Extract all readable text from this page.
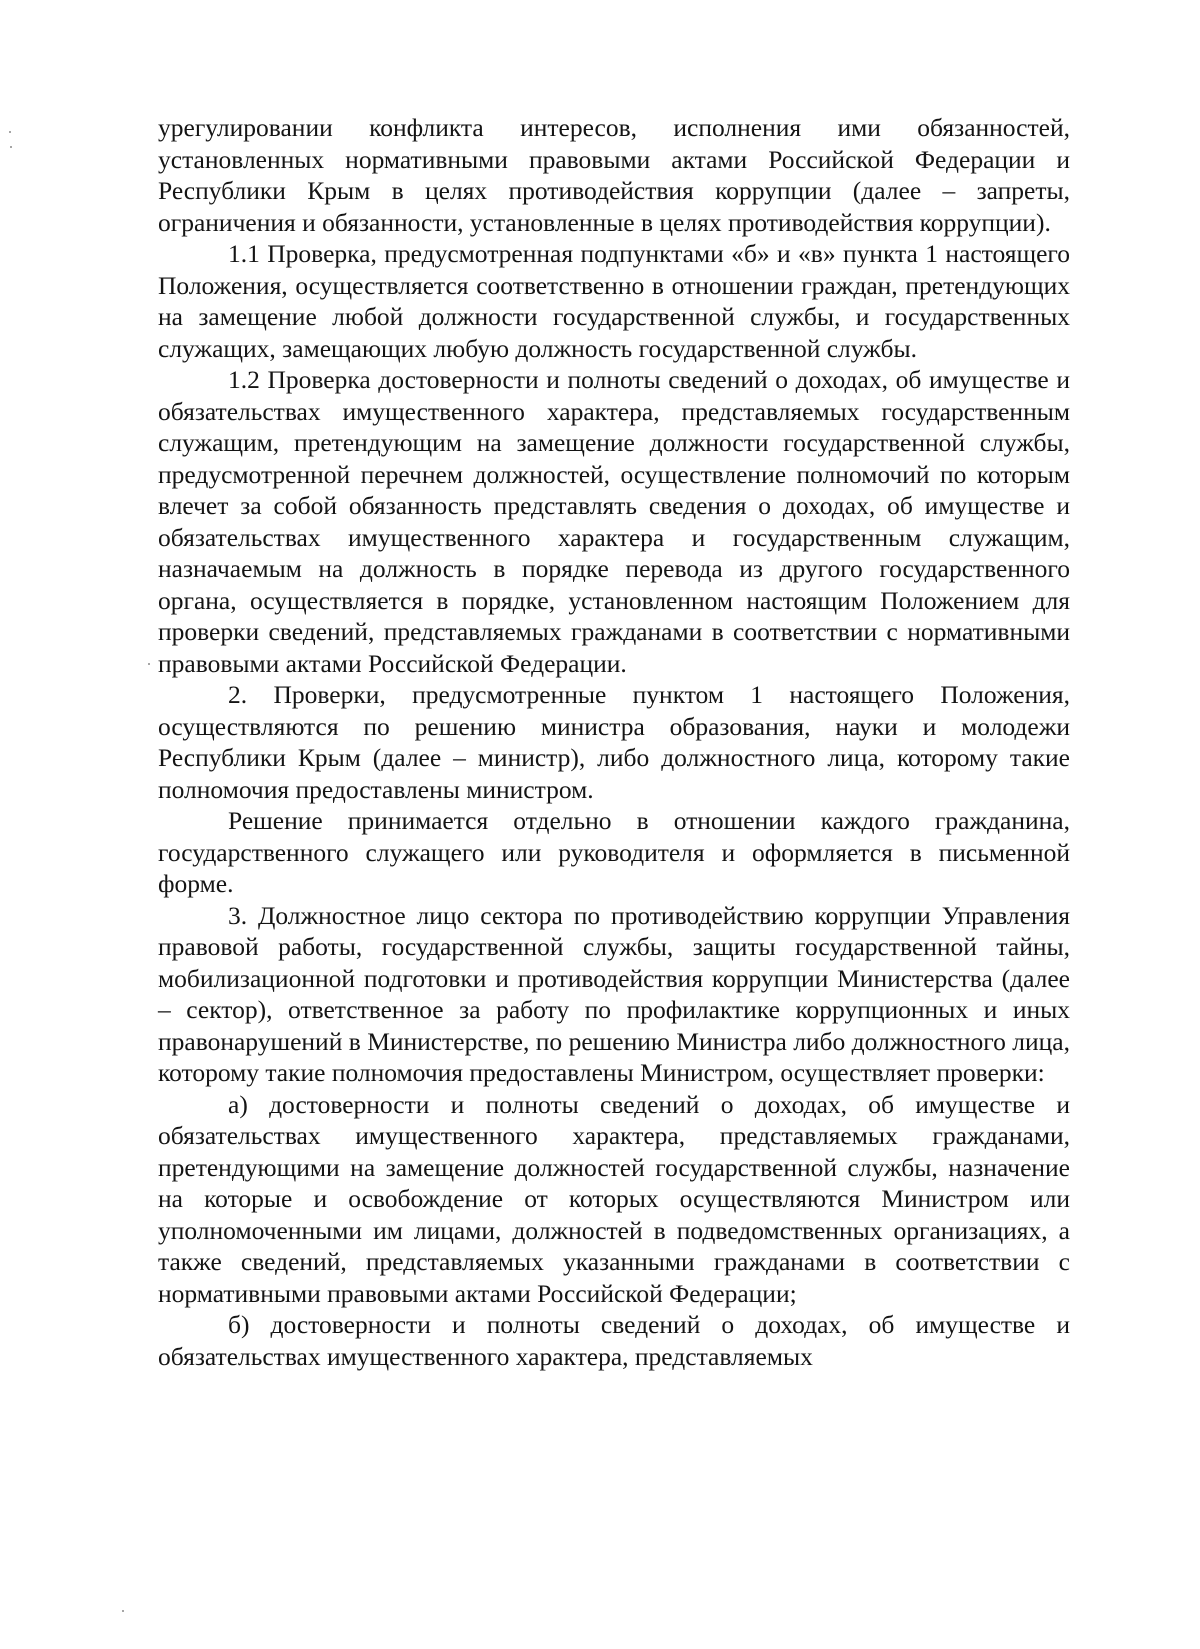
урегулировании конфликта интересов, исполнения ими обязанностей, установленных нормативными правовыми актами Российской Федерации и Республики Крым в целях противодействия коррупции (далее – запреты, ограничения и обязанности, установленные в целях противодействия коррупции).

1.1 Проверка, предусмотренная подпунктами «б» и «в» пункта 1 настоящего Положения, осуществляется соответственно в отношении граждан, претендующих на замещение любой должности государственной службы, и государственных служащих, замещающих любую должность государственной службы.

1.2 Проверка достоверности и полноты сведений о доходах, об имуществе и обязательствах имущественного характера, представляемых государственным служащим, претендующим на замещение должности государственной службы, предусмотренной перечнем должностей, осуществление полномочий по которым влечет за собой обязанность представлять сведения о доходах, об имуществе и обязательствах имущественного характера и государственным служащим, назначаемым на должность в порядке перевода из другого государственного органа, осуществляется в порядке, установленном настоящим Положением для проверки сведений, представляемых гражданами в соответствии с нормативными правовыми актами Российской Федерации.

2. Проверки, предусмотренные пунктом 1 настоящего Положения, осуществляются по решению министра образования, науки и молодежи Республики Крым (далее – министр), либо должностного лица, которому такие полномочия предоставлены министром.

Решение принимается отдельно в отношении каждого гражданина, государственного служащего или руководителя и оформляется в письменной форме.

3. Должностное лицо сектора по противодействию коррупции Управления правовой работы, государственной службы, защиты государственной тайны, мобилизационной подготовки и противодействия коррупции Министерства (далее – сектор), ответственное за работу по профилактике коррупционных и иных правонарушений в Министерстве, по решению Министра либо должностного лица, которому такие полномочия предоставлены Министром, осуществляет проверки:

а) достоверности и полноты сведений о доходах, об имуществе и обязательствах имущественного характера, представляемых гражданами, претендующими на замещение должностей государственной службы, назначение на которые и освобождение от которых осуществляются Министром или уполномоченными им лицами, должностей в подведомственных организациях, а также сведений, представляемых указанными гражданами в соответствии с нормативными правовыми актами Российской Федерации;

б) достоверности и полноты сведений о доходах, об имуществе и обязательствах имущественного характера, представляемых
